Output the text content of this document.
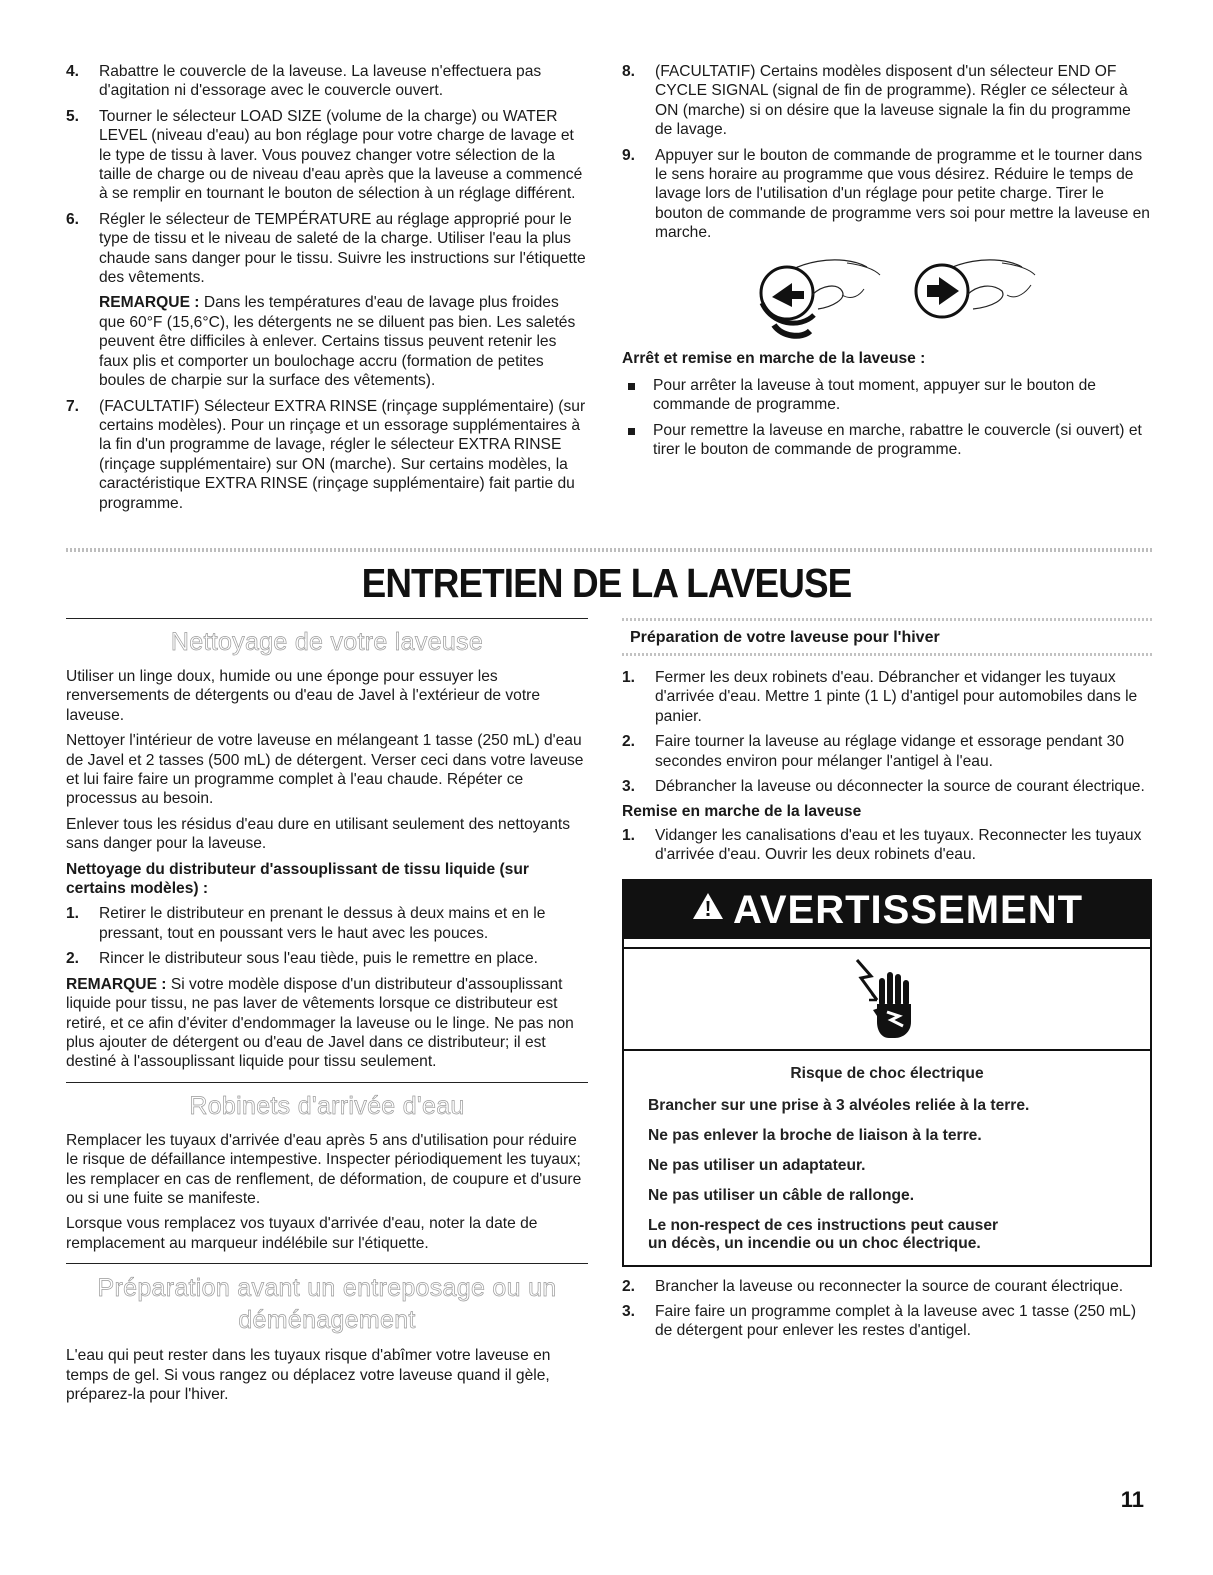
4.	Rabattre le couvercle de la laveuse. La laveuse n'effectuera pas d'agitation ni d'essorage avec le couvercle ouvert.
5.	Tourner le sélecteur LOAD SIZE (volume de la charge) ou WATER LEVEL (niveau d'eau) au bon réglage pour votre charge de lavage et le type de tissu à laver. Vous pouvez changer votre sélection de la taille de charge ou de niveau d'eau après que la laveuse a commencé à se remplir en tournant le bouton de sélection à un réglage différent.
6.	Régler le sélecteur de TEMPÉRATURE au réglage approprié pour le type de tissu et le niveau de saleté de la charge. Utiliser l'eau la plus chaude sans danger pour le tissu. Suivre les instructions sur l'étiquette des vêtements.

REMARQUE : Dans les températures d'eau de lavage plus froides que 60°F (15,6°C), les détergents ne se diluent pas bien. Les saletés peuvent être difficiles à enlever. Certains tissus peuvent retenir les faux plis et comporter un boulochage accru (formation de petites boules de charpie sur la surface des vêtements).

7.	(FACULTATIF) Sélecteur EXTRA RINSE (rinçage supplémentaire) (sur certains modèles). Pour un rinçage et un essorage supplémentaires à la fin d'un programme de lavage, régler le sélecteur EXTRA RINSE (rinçage supplémentaire) sur ON (marche). Sur certains modèles, la caractéristique EXTRA RINSE (rinçage supplémentaire) fait partie du programme.
8.	(FACULTATIF) Certains modèles disposent d'un sélecteur END OF CYCLE SIGNAL (signal de fin de programme). Régler ce sélecteur à ON (marche) si on désire que la laveuse signale la fin du programme de lavage.
9.	Appuyer sur le bouton de commande de programme et le tourner dans le sens horaire au programme que vous désirez. Réduire le temps de lavage lors de l'utilisation d'un réglage pour petite charge. Tirer le bouton de commande de programme vers soi pour mettre la laveuse en marche.

Arrêt et remise en marche de la laveuse :

Pour arrêter la laveuse à tout moment, appuyer sur le bouton de commande de programme.
Pour remettre la laveuse en marche, rabattre le couvercle (si ouvert) et tirer le bouton de commande de programme.
ENTRETIEN DE LA LAVEUSE
Nettoyage de votre laveuse

Utiliser un linge doux, humide ou une éponge pour essuyer les renversements de détergents ou d'eau de Javel à l'extérieur de votre laveuse.

Nettoyer l'intérieur de votre laveuse en mélangeant 1 tasse (250 mL) d'eau de Javel et 2 tasses (500 mL) de détergent. Verser ceci dans votre laveuse et lui faire faire un programme complet à l'eau chaude. Répéter ce processus au besoin.

Enlever tous les résidus d'eau dure en utilisant seulement des nettoyants sans danger pour la laveuse.

Nettoyage du distributeur d'assouplissant de tissu liquide (sur certains modèles) :

1.	Retirer le distributeur en prenant le dessus à deux mains et en le pressant, tout en poussant vers le haut avec les pouces.
2.	Rincer le distributeur sous l'eau tiède, puis le remettre en place.

REMARQUE : Si votre modèle dispose d'un distributeur d'assouplissant liquide pour tissu, ne pas laver de vêtements lorsque ce distributeur est retiré, et ce afin d'éviter d'endommager la laveuse ou le linge. Ne pas non plus ajouter de détergent ou d'eau de Javel dans ce distributeur; il est destiné à l'assouplissant liquide pour tissu seulement.

Robinets d'arrivée d'eau

Remplacer les tuyaux d'arrivée d'eau après 5 ans d'utilisation pour réduire le risque de défaillance intempestive. Inspecter périodiquement les tuyaux; les remplacer en cas de renflement, de déformation, de coupure et d'usure ou si une fuite se manifeste.

Lorsque vous remplacez vos tuyaux d'arrivée d'eau, noter la date de remplacement au marqueur indélébile sur l'étiquette.

Préparation avant un entreposage ou un déménagement

L'eau qui peut rester dans les tuyaux risque d'abîmer votre laveuse en temps de gel. Si vous rangez ou déplacez votre laveuse quand il gèle, préparez-la pour l'hiver.

Préparation de votre laveuse pour l'hiver

1.	Fermer les deux robinets d'eau. Débrancher et vidanger les tuyaux d'arrivée d'eau. Mettre 1 pinte (1 L) d'antigel pour automobiles dans le panier.
2.	Faire tourner la laveuse au réglage vidange et essorage pendant 30 secondes environ pour mélanger l'antigel à l'eau.
3.	Débrancher la laveuse ou déconnecter la source de courant électrique.

Remise en marche de la laveuse

1.	Vidanger les canalisations d'eau et les tuyaux. Reconnecter les tuyaux d'arrivée d'eau. Ouvrir les deux robinets d'eau.
AVERTISSEMENT

Risque de choc électrique

Brancher sur une prise à 3 alvéoles reliée à la terre.

Ne pas enlever la broche de liaison à la terre.

Ne pas utiliser un adaptateur.

Ne pas utiliser un câble de rallonge.

Le non-respect de ces instructions peut causer
un décès, un incendie ou un choc électrique.

2.	Brancher la laveuse ou reconnecter la source de courant électrique.
3.	Faire faire un programme complet à la laveuse avec 1 tasse (250 mL) de détergent pour enlever les restes d'antigel.
11
